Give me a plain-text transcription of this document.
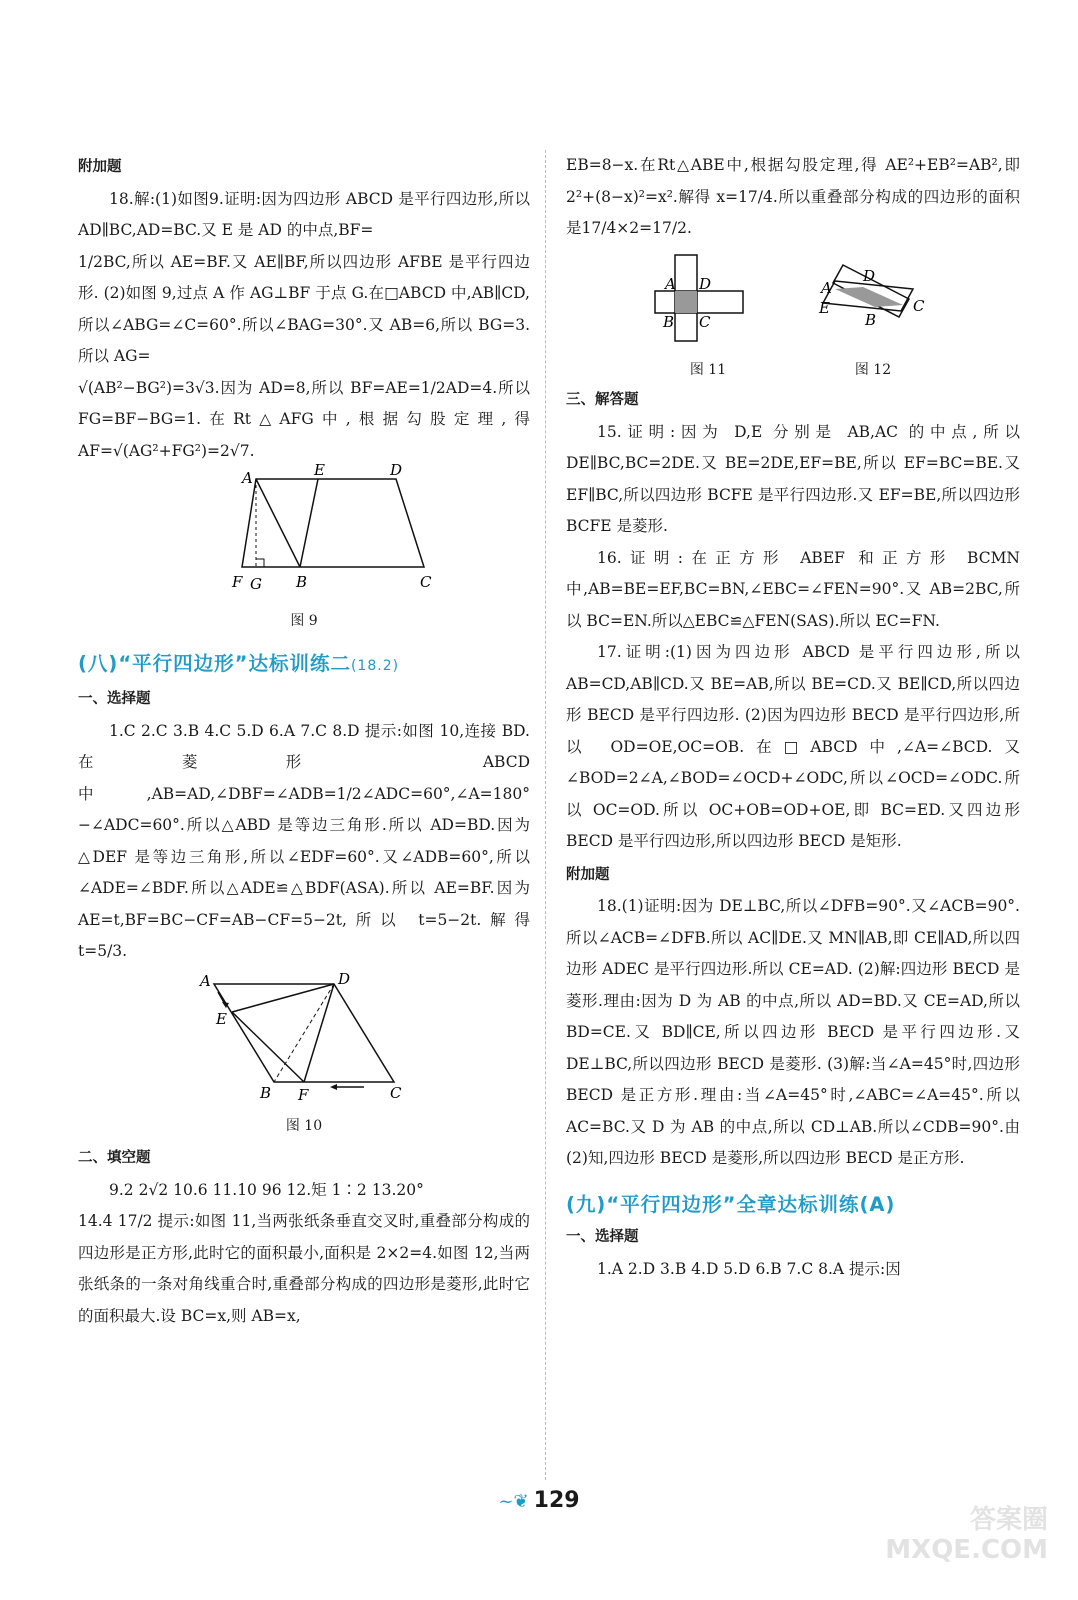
附加题

18.解:(1)如图9.证明:因为四边形 ABCD 是平行四边形,所以 AD∥BC,AD=BC.又 E 是 AD 的中点,BF=

1/2BC,所以 AE=BF.又 AE∥BF,所以四边形 AFBE 是平行四边形. (2)如图 9,过点 A 作 AG⊥BF 于点 G.在□ABCD 中,AB∥CD,所以∠ABG=∠C=60°.所以∠BAG=30°.又 AB=6,所以 BG=3.所以 AG=

√(AB²−BG²)=3√3.因为 AD=8,所以 BF=AE=1/2AD=4.所以 FG=BF−BG=1.在Rt△AFG中,根据勾股定理,得 AF=√(AG²+FG²)=2√7.

A	E	D
F G B	C
图 9

(八)“平行四边形”达标训练二(18.2)

一、选择题

1.C 2.C 3.B 4.C 5.D 6.A 7.C 8.D 提示:如图 10,连接 BD.在菱形 ABCD 中,AB=AD,∠DBF=∠ADB=1/2∠ADC=60°,∠A=180°−∠ADC=60°.所以△ABD 是等边三角形.所以 AD=BD.因为△DEF 是等边三角形,所以∠EDF=60°.又∠ADB=60°,所以∠ADE=∠BDF.所以△ADE≌△BDF(ASA).所以 AE=BF.因为 AE=t,BF=BC−CF=AB−CF=5−2t,所以 t=5−2t.解得 t=5/3.

A	D
E
B F	C
图 10

二、填空题

9.2 2√2 10.6 11.10 96 12.矩 1∶2 13.20°

14.4 17/2 提示:如图 11,当两张纸条垂直交叉时,重叠部分构成的四边形是正方形,此时它的面积最小,面积是 2×2=4.如图 12,当两张纸条的一条对角线重合时,重叠部分构成的四边形是菱形,此时它的面积最大.设 BC=x,则 AB=x,

EB=8−x.在Rt△ABE中,根据勾股定理,得 AE²+EB²=AB²,即 2²+(8−x)²=x².解得 x=17/4.所以重叠部分构成的四边形的面积是17/4×2=17/2.

A D
B C
图 11
A
D
E
B
C
图 12

三、解答题

15.证明:因为 D,E 分别是 AB,AC 的中点,所以 DE∥BC,BC=2DE.又 BE=2DE,EF=BE,所以 EF=BC=BE.又 EF∥BC,所以四边形 BCFE 是平行四边形.又 EF=BE,所以四边形 BCFE 是菱形.

16.证明:在正方形 ABEF 和正方形 BCMN 中,AB=BE=EF,BC=BN,∠EBC=∠FEN=90°.又 AB=2BC,所以 BC=EN.所以△EBC≌△FEN(SAS).所以 EC=FN.

17.证明:(1)因为四边形 ABCD 是平行四边形,所以 AB=CD,AB∥CD.又 BE=AB,所以 BE=CD.又 BE∥CD,所以四边形 BECD 是平行四边形. (2)因为四边形 BECD 是平行四边形,所以 OD=OE,OC=OB.在□ABCD中,∠A=∠BCD.又∠BOD=2∠A,∠BOD=∠OCD+∠ODC,所以∠OCD=∠ODC.所以 OC=OD.所以 OC+OB=OD+OE,即 BC=ED.又四边形 BECD 是平行四边形,所以四边形 BECD 是矩形.

附加题

18.(1)证明:因为 DE⊥BC,所以∠DFB=90°.又∠ACB=90°.所以∠ACB=∠DFB.所以 AC∥DE.又 MN∥AB,即 CE∥AD,所以四边形 ADEC 是平行四边形.所以 CE=AD. (2)解:四边形 BECD 是菱形.理由:因为 D 为 AB 的中点,所以 AD=BD.又 CE=AD,所以 BD=CE.又 BD∥CE,所以四边形 BECD 是平行四边形.又 DE⊥BC,所以四边形 BECD 是菱形. (3)解:当∠A=45°时,四边形 BECD 是正方形.理由:当∠A=45°时,∠ABC=∠A=45°.所以 AC=BC.又 D 为 AB 的中点,所以 CD⊥AB.所以∠CDB=90°.由(2)知,四边形 BECD 是菱形,所以四边形 BECD 是正方形.

(九)“平行四边形”全章达标训练(A)

一、选择题

1.A 2.D 3.B 4.D 5.D 6.B 7.C 8.A 提示:因

~❦ 129
答案圈
MXQE.COM
